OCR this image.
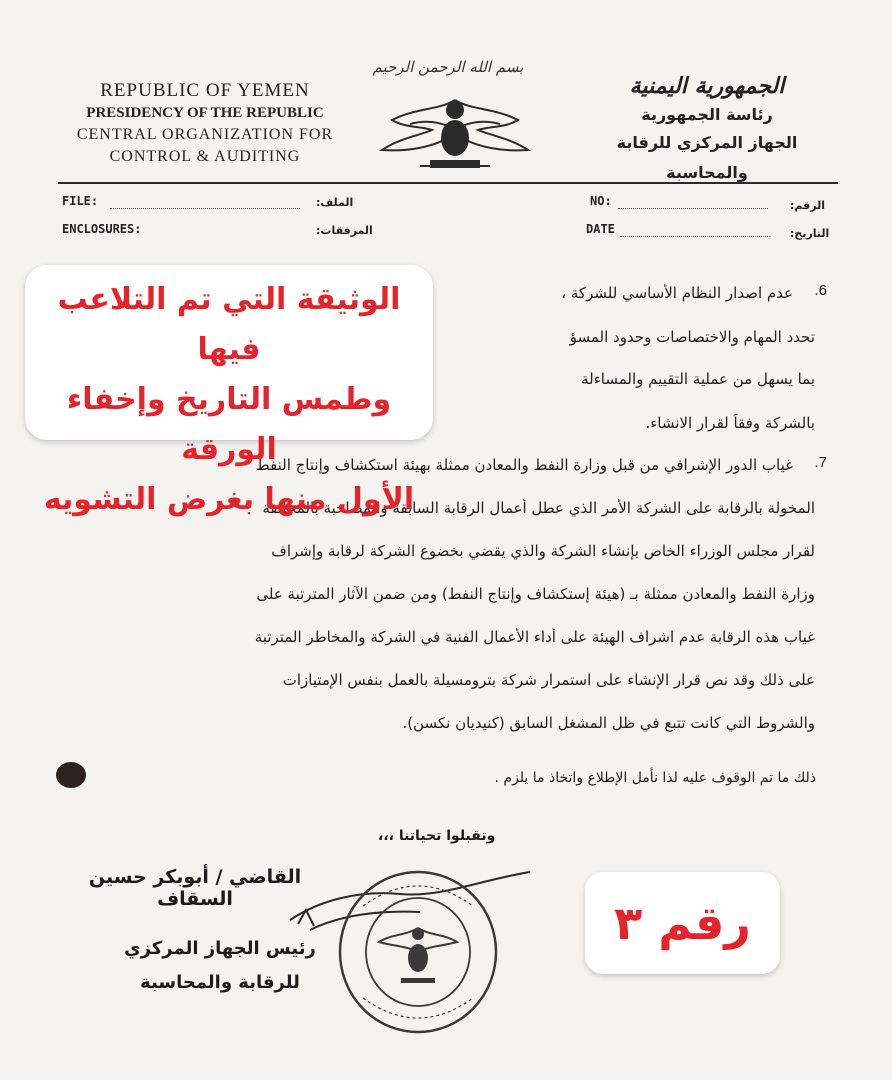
REPUBLIC OF YEMEN
PRESIDENCY OF THE REPUBLIC
CENTRAL ORGANIZATION FOR
CONTROL & AUDITING
بسم الله الرحمن الرحيم
الجمهورية اليمنية
رئاسة الجمهورية
الجهاز المركزي للرقابة والمحاسبة
FILE:	الملف:
ENCLOSURES:	المرفقات:
NO:	الرقم:
DATE	التاريخ:
6.
عدم اصدار النظام الأساسي للشركة ،
تحدد المهام والاختصاصات وحدود المسؤ
بما يسهل من عملية التقييم والمساءلة
بالشركة وفقاً لقرار الانشاء.
7.
غياب الدور الإشرافي من قبل وزارة النفط والمعادن ممثلة بهيئة استكشاف وإنتاج النفط
المخولة بالرقابة على الشركة الأمر الذي عطل أعمال الرقابة السابقة والمصاحبة بالمخالفة
لقرار مجلس الوزراء الخاص بإنشاء الشركة والذي يقضي بخضوع الشركة لرقابة وإشراف
وزارة النفط والمعادن ممثلة بـ (هيئة إستكشاف وإنتاج النفط) ومن ضمن الآثار المترتبة على
غياب هذه الرقابة عدم اشراف الهيئة على أداء الأعمال الفنية في الشركة والمخاطر المترتبة
على ذلك وقد نص قرار الإنشاء على استمرار شركة بترومسيلة بالعمل بنفس الإمتيازات
والشروط التي كانت تتبع في ظل المشغل السابق (كنيديان نكسن).
ذلك ما تم الوقوف عليه لذا نأمل الإطلاع واتخاذ ما يلزم .
وتقبلوا تحياتنا ،،،
القاضي / أبوبكر حسين السقاف
رئيس الجهاز المركزي
للرقابة والمحاسبة
الوثيقة التي تم التلاعب فيها
وطمس التاريخ وإخفاء الورقة
الأول منها بغرض التشويه
رقم ٣
